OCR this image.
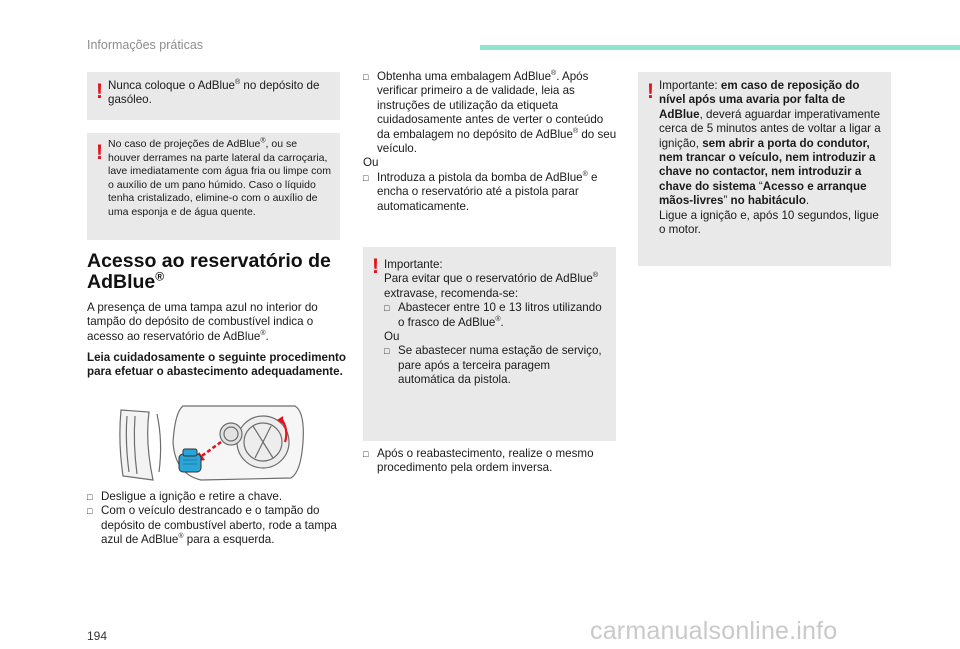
Informações práticas
! Nunca coloque o AdBlue® no depósito de gasóleo.
! No caso de projeções de AdBlue®, ou se houver derrames na parte lateral da carroçaria, lave imediatamente com água fria ou limpe com o auxílio de um pano húmido. Caso o líquido tenha cristalizado, elimine-o com o auxílio de uma esponja e de água quente.
Acesso ao reservatório de AdBlue®
A presença de uma tampa azul no interior do tampão do depósito de combustível indica o acesso ao reservatório de AdBlue®.
Leia cuidadosamente o seguinte procedimento para efetuar o abastecimento adequadamente.
□ Desligue a ignição e retire a chave.
□ Com o veículo destrancado e o tampão do depósito de combustível aberto, rode a tampa azul de AdBlue® para a esquerda.
□ Obtenha uma embalagem AdBlue®. Após verificar primeiro a de validade, leia as instruções de utilização da etiqueta cuidadosamente antes de verter o conteúdo da embalagem no depósito de AdBlue® do seu veículo.
Ou
□ Introduza a pistola da bomba de AdBlue® e encha o reservatório até a pistola parar automaticamente.
! Importante:
Para evitar que o reservatório de AdBlue® extravase, recomenda-se:
□ Abastecer entre 10 e 13 litros utilizando o frasco de AdBlue®.
Ou
□ Se abastecer numa estação de serviço, pare após a terceira paragem automática da pistola.
□ Após o reabastecimento, realize o mesmo procedimento pela ordem inversa.
! Importante: em caso de reposição do nível após uma avaria por falta de AdBlue, deverá aguardar imperativamente cerca de 5 minutos antes de voltar a ligar a ignição, sem abrir a porta do condutor, nem trancar o veículo, nem introduzir a chave no contactor, nem introduzir a chave do sistema “Acesso e arranque mãos-livres” no habitáculo.
Ligue a ignição e, após 10 segundos, ligue o motor.
194	carmanualsonline.info
